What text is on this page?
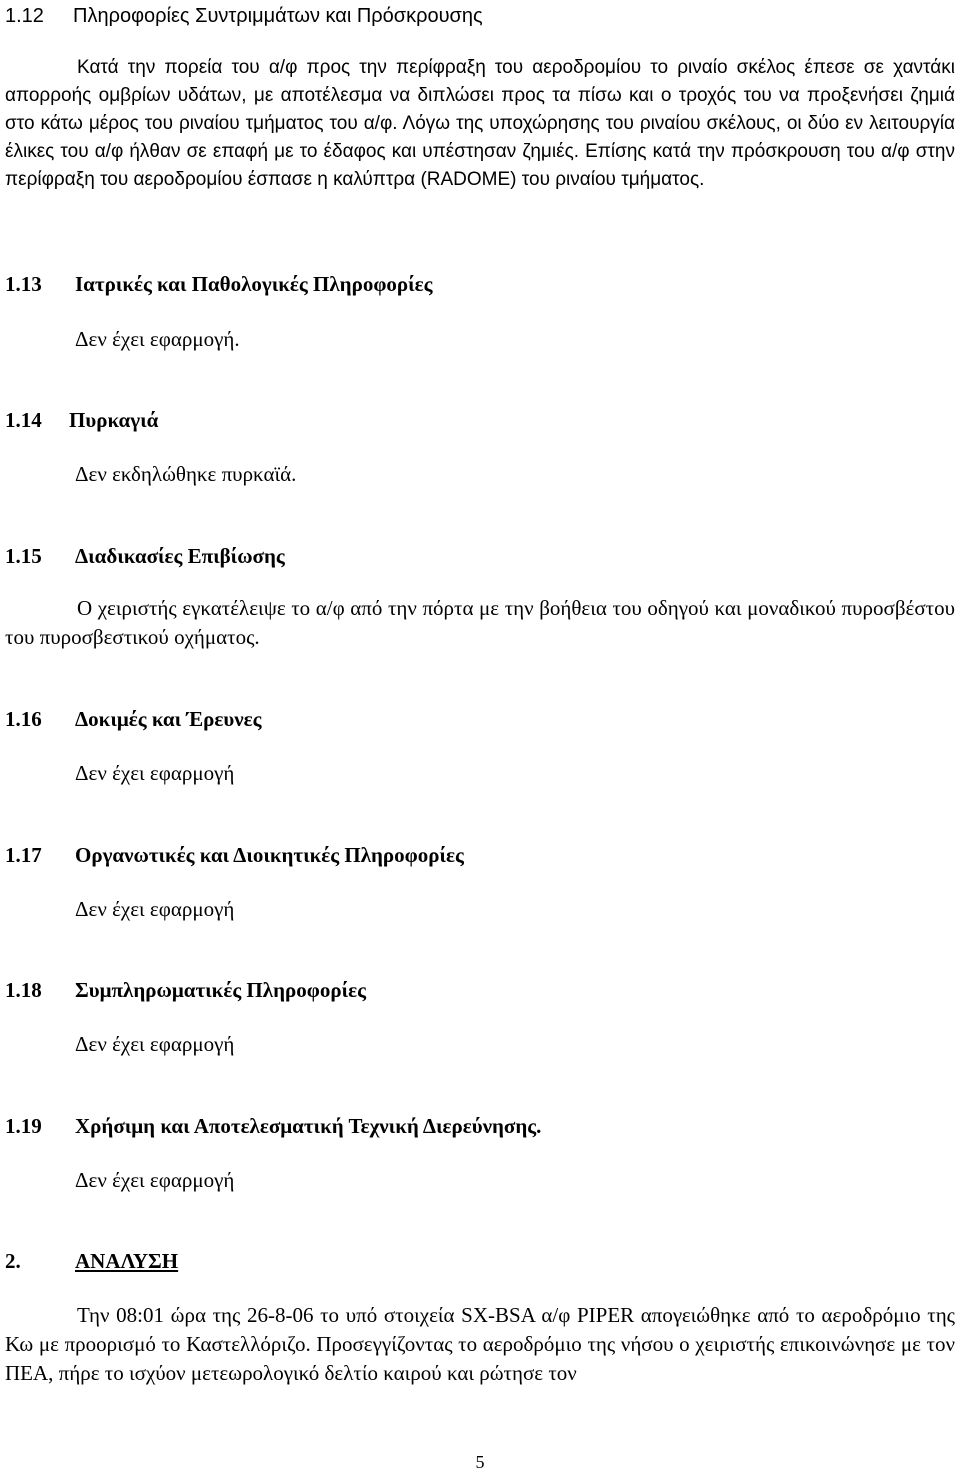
1.12 Πληροφορίες Συντριμμάτων και Πρόσκρουσης
Κατά την πορεία του α/φ προς την περίφραξη του αεροδρομίου το ριναίο σκέλος έπεσε σε χαντάκι απορροής ομβρίων υδάτων, με αποτέλεσμα να διπλώσει προς τα πίσω και ο τροχός του να προξενήσει ζημιά στο κάτω μέρος του ριναίου τμήματος του α/φ. Λόγω της υποχώρησης του ριναίου σκέλους, οι δύο εν λειτουργία έλικες του α/φ ήλθαν σε επαφή με το έδαφος και υπέστησαν ζημιές. Επίσης κατά την πρόσκρουση του α/φ στην περίφραξη του αεροδρομίου έσπασε η καλύπτρα (RADOME) του ριναίου τμήματος.
1.13 Ιατρικές και Παθολογικές Πληροφορίες
Δεν έχει εφαρμογή.
1.14 Πυρκαγιά
Δεν εκδηλώθηκε πυρκαϊά.
1.15 Διαδικασίες Επιβίωσης
Ο χειριστής εγκατέλειψε το α/φ από την πόρτα με την βοήθεια του οδηγού και μοναδικού πυροσβέστου του πυροσβεστικού οχήματος.
1.16 Δοκιμές και Έρευνες
Δεν έχει εφαρμογή
1.17 Οργανωτικές και Διοικητικές Πληροφορίες
Δεν έχει εφαρμογή
1.18 Συμπληρωματικές Πληροφορίες
Δεν έχει εφαρμογή
1.19 Χρήσιμη και Αποτελεσματική Τεχνική Διερεύνησης.
Δεν έχει εφαρμογή
2.	ΑΝΑΛΥΣΗ
Την 08:01 ώρα της 26-8-06 το υπό στοιχεία SX-BSA α/φ PIPER απογειώθηκε από το αεροδρόμιο της Κω με προορισμό το Καστελλόριζο. Προσεγγίζοντας το αεροδρόμιο της νήσου ο χειριστής επικοινώνησε με τον ΠΕΑ, πήρε το ισχύον μετεωρολογικό δελτίο καιρού και ρώτησε τον
5
